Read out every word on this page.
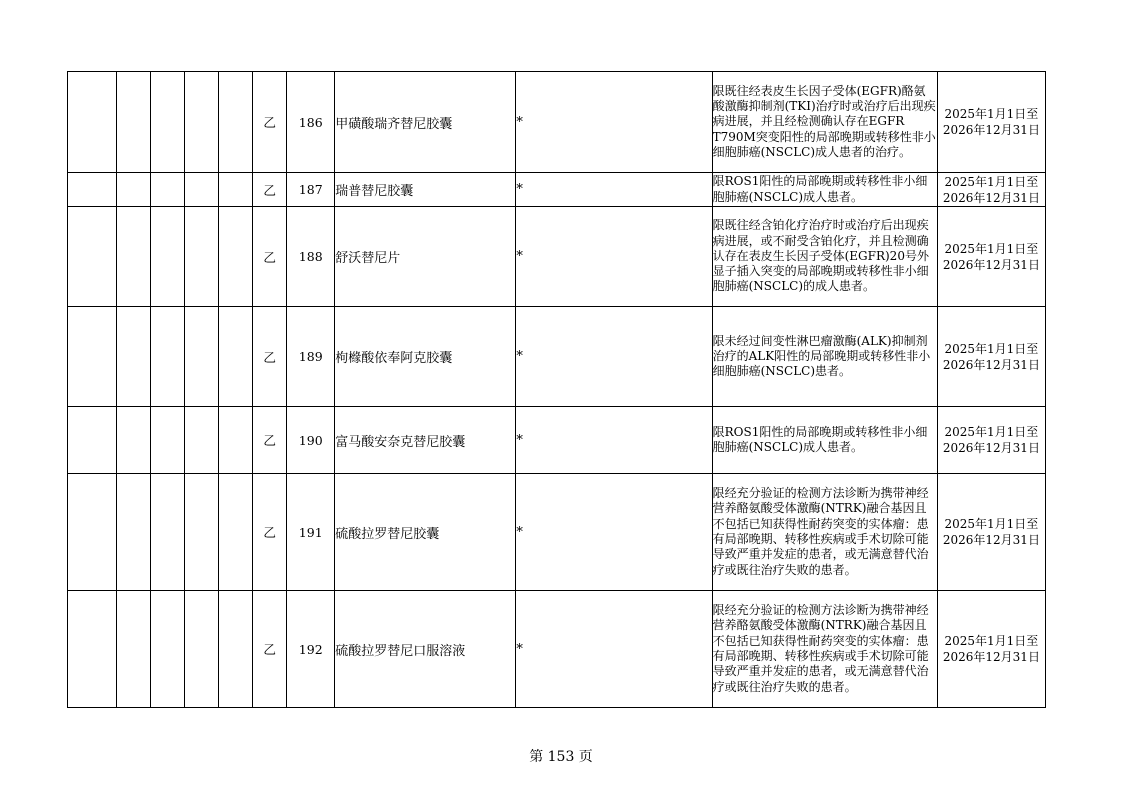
					乙	186	甲磺酸瑞齐替尼胶囊	*	限既往经表皮生长因子受体(EGFR)酪氨酸激酶抑制剂(TKI)治疗时或治疗后出现疾病进展，并且经检测确认存在EGFR T790M突变阳性的局部晚期或转移性非小细胞肺癌(NSCLC)成人患者的治疗。	2025年1月1日至
2026年12月31日

					乙	187	瑞普替尼胶囊	*	限ROS1阳性的局部晚期或转移性非小细胞肺癌(NSCLC)成人患者。	2025年1月1日至
2026年12月31日

					乙	188	舒沃替尼片	*	限既往经含铂化疗治疗时或治疗后出现疾病进展，或不耐受含铂化疗，并且检测确认存在表皮生长因子受体(EGFR)20号外显子插入突变的局部晚期或转移性非小细胞肺癌(NSCLC)的成人患者。	2025年1月1日至
2026年12月31日

					乙	189	枸橼酸依奉阿克胶囊	*	限未经过间变性淋巴瘤激酶(ALK)抑制剂治疗的ALK阳性的局部晚期或转移性非小细胞肺癌(NSCLC)患者。	2025年1月1日至
2026年12月31日

					乙	190	富马酸安奈克替尼胶囊	*	限ROS1阳性的局部晚期或转移性非小细胞肺癌(NSCLC)成人患者。	2025年1月1日至
2026年12月31日

					乙	191	硫酸拉罗替尼胶囊	*	限经充分验证的检测方法诊断为携带神经营养酪氨酸受体激酶(NTRK)融合基因且不包括已知获得性耐药突变的实体瘤：患有局部晚期、转移性疾病或手术切除可能导致严重并发症的患者，或无满意替代治疗或既往治疗失败的患者。	2025年1月1日至
2026年12月31日

					乙	192	硫酸拉罗替尼口服溶液	*	限经充分验证的检测方法诊断为携带神经营养酪氨酸受体激酶(NTRK)融合基因且不包括已知获得性耐药突变的实体瘤：患有局部晚期、转移性疾病或手术切除可能导致严重并发症的患者，或无满意替代治疗或既往治疗失败的患者。	2025年1月1日至
2026年12月31日
第 153 页
